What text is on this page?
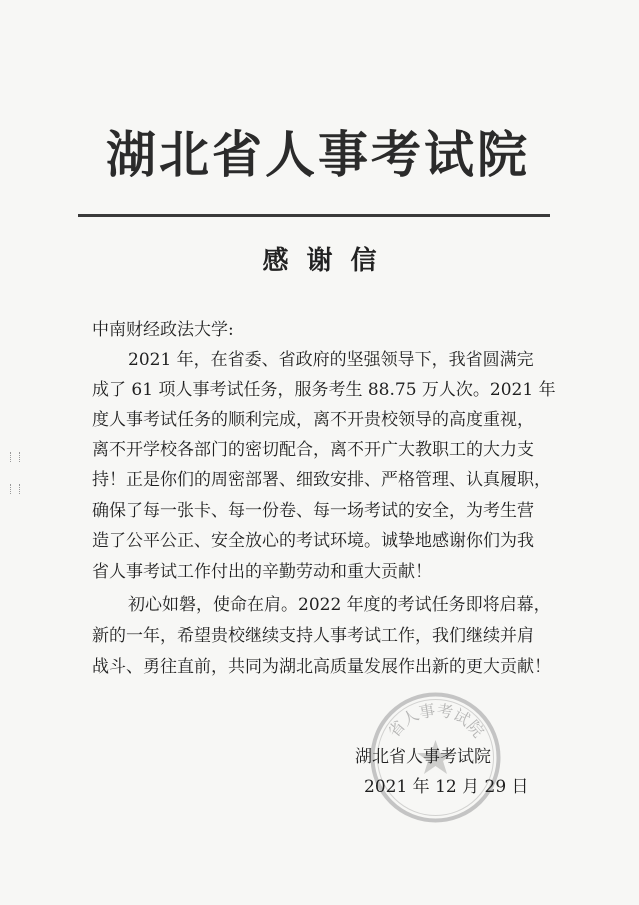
湖北省人事考试院
感谢信
中南财经政法大学:
2021 年，在省委、省政府的坚强领导下，我省圆满完
成了 61 项人事考试任务，服务考生 88.75 万人次。2021 年
度人事考试任务的顺利完成，离不开贵校领导的高度重视，
离不开学校各部门的密切配合，离不开广大教职工的大力支
持！正是你们的周密部署、细致安排、严格管理、认真履职，
确保了每一张卡、每一份卷、每一场考试的安全，为考生营
造了公平公正、安全放心的考试环境。诚挚地感谢你们为我
省人事考试工作付出的辛勤劳动和重大贡献！
初心如磐，使命在肩。2022 年度的考试任务即将启幕，
新的一年，希望贵校继续支持人事考试工作，我们继续并肩
战斗、勇往直前，共同为湖北高质量发展作出新的更大贡献！
省人事考试院
湖北省人事考试院
2021 年 12 月 29 日
